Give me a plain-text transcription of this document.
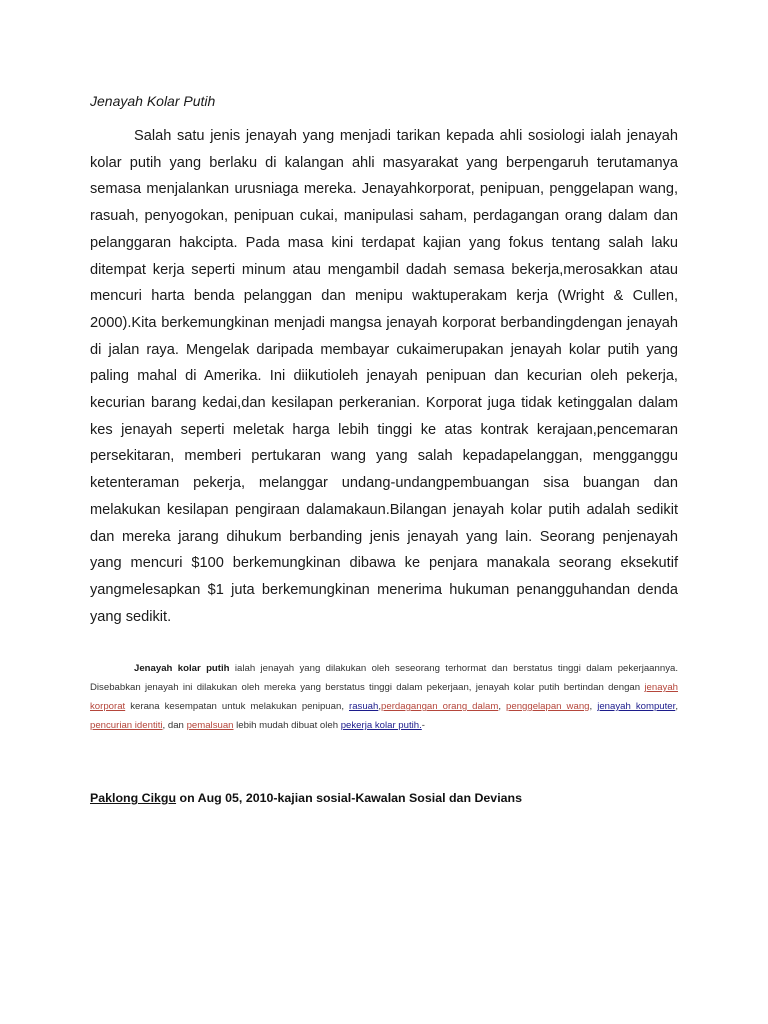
Jenayah Kolar Putih

Salah satu jenis jenayah yang menjadi tarikan kepada ahli sosiologi ialah jenayah kolar putih yang berlaku di kalangan ahli masyarakat yang berpengaruh terutamanya semasa menjalankan urusniaga mereka. Jenayahkorporat, penipuan, penggelapan wang, rasuah, penyogokan, penipuan cukai, manipulasi saham, perdagangan orang dalam dan pelanggaran hakcipta. Pada masa kini terdapat kajian yang fokus tentang salah laku ditempat kerja seperti minum atau mengambil dadah semasa bekerja,merosakkan atau mencuri harta benda pelanggan dan menipu waktuperakam kerja (Wright & Cullen, 2000).Kita berkemungkinan menjadi mangsa jenayah korporat berbandingdengan jenayah di jalan raya. Mengelak daripada membayar cukaimerupakan jenayah kolar putih yang paling mahal di Amerika. Ini diikutioleh jenayah penipuan dan kecurian oleh pekerja, kecurian barang kedai,dan kesilapan perkeranian. Korporat juga tidak ketinggalan dalam kes jenayah seperti meletak harga lebih tinggi ke atas kontrak kerajaan,pencemaran persekitaran, memberi pertukaran wang yang salah kepadapelanggan, mengganggu ketenteraman pekerja, melanggar undang-undangpembuangan sisa buangan dan melakukan kesilapan pengiraan dalamakaun.Bilangan jenayah kolar putih adalah sedikit dan mereka jarang dihukum berbanding jenis jenayah yang lain. Seorang penjenayah yang mencuri $100 berkemungkinan dibawa ke penjara manakala seorang eksekutif yangmelesapkan $1 juta berkemungkinan menerima hukuman penangguhandan denda yang sedikit.

Jenayah kolar putih ialah jenayah yang dilakukan oleh seseorang terhormat dan berstatus tinggi dalam pekerjaannya. Disebabkan jenayah ini dilakukan oleh mereka yang berstatus tinggi dalam pekerjaan, jenayah kolar putih bertindan dengan jenayah korporat kerana kesempatan untuk melakukan penipuan, rasuah,perdagangan orang dalam, penggelapan wang, jenayah komputer, pencurian identiti, dan pemalsuan lebih mudah dibuat oleh pekerja kolar putih.-

Paklong Cikgu on Aug 05, 2010-kajian sosial-Kawalan Sosial dan Devians
